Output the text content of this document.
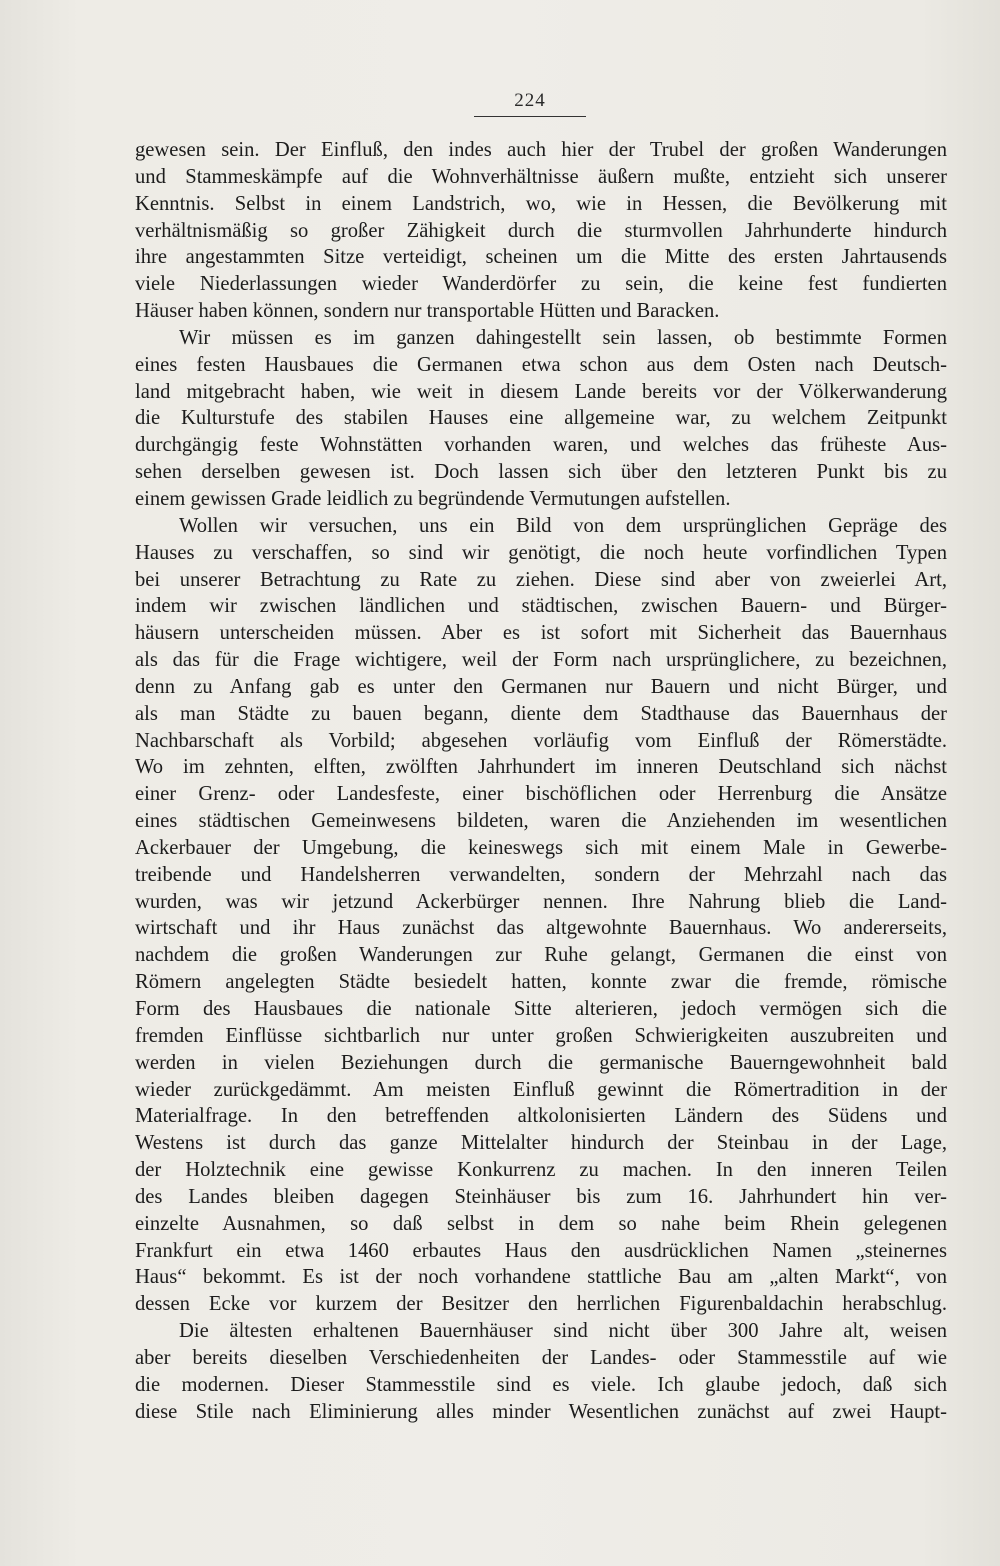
224
gewesen sein. Der Einfluß, den indes auch hier der Trubel der großen Wanderungen
und Stammeskämpfe auf die Wohnverhältnisse äußern mußte, entzieht sich unserer
Kenntnis. Selbst in einem Landstrich, wo, wie in Hessen, die Bevölkerung mit
verhältnismäßig so großer Zähigkeit durch die sturmvollen Jahrhunderte hindurch
ihre angestammten Sitze verteidigt, scheinen um die Mitte des ersten Jahrtausends
viele Niederlassungen wieder Wanderdörfer zu sein, die keine fest fundierten
Häuser haben können, sondern nur transportable Hütten und Baracken.
Wir müssen es im ganzen dahingestellt sein lassen, ob bestimmte Formen
eines festen Hausbaues die Germanen etwa schon aus dem Osten nach Deutsch-
land mitgebracht haben, wie weit in diesem Lande bereits vor der Völkerwanderung
die Kulturstufe des stabilen Hauses eine allgemeine war, zu welchem Zeitpunkt
durchgängig feste Wohnstätten vorhanden waren, und welches das früheste Aus-
sehen derselben gewesen ist. Doch lassen sich über den letzteren Punkt bis zu
einem gewissen Grade leidlich zu begründende Vermutungen aufstellen.
Wollen wir versuchen, uns ein Bild von dem ursprünglichen Gepräge des
Hauses zu verschaffen, so sind wir genötigt, die noch heute vorfindlichen Typen
bei unserer Betrachtung zu Rate zu ziehen. Diese sind aber von zweierlei Art,
indem wir zwischen ländlichen und städtischen, zwischen Bauern- und Bürger-
häusern unterscheiden müssen. Aber es ist sofort mit Sicherheit das Bauernhaus
als das für die Frage wichtigere, weil der Form nach ursprünglichere, zu bezeichnen,
denn zu Anfang gab es unter den Germanen nur Bauern und nicht Bürger, und
als man Städte zu bauen begann, diente dem Stadthause das Bauernhaus der
Nachbarschaft als Vorbild; abgesehen vorläufig vom Einfluß der Römerstädte.
Wo im zehnten, elften, zwölften Jahrhundert im inneren Deutschland sich nächst
einer Grenz- oder Landesfeste, einer bischöflichen oder Herrenburg die Ansätze
eines städtischen Gemeinwesens bildeten, waren die Anziehenden im wesentlichen
Ackerbauer der Umgebung, die keineswegs sich mit einem Male in Gewerbe-
treibende und Handelsherren verwandelten, sondern der Mehrzahl nach das
wurden, was wir jetzund Ackerbürger nennen. Ihre Nahrung blieb die Land-
wirtschaft und ihr Haus zunächst das altgewohnte Bauernhaus. Wo andererseits,
nachdem die großen Wanderungen zur Ruhe gelangt, Germanen die einst von
Römern angelegten Städte besiedelt hatten, konnte zwar die fremde, römische
Form des Hausbaues die nationale Sitte alterieren, jedoch vermögen sich die
fremden Einflüsse sichtbarlich nur unter großen Schwierigkeiten auszubreiten und
werden in vielen Beziehungen durch die germanische Bauerngewohnheit bald
wieder zurückgedämmt. Am meisten Einfluß gewinnt die Römertradition in der
Materialfrage. In den betreffenden altkolonisierten Ländern des Südens und
Westens ist durch das ganze Mittelalter hindurch der Steinbau in der Lage,
der Holztechnik eine gewisse Konkurrenz zu machen. In den inneren Teilen
des Landes bleiben dagegen Steinhäuser bis zum 16. Jahrhundert hin ver-
einzelte Ausnahmen, so daß selbst in dem so nahe beim Rhein gelegenen
Frankfurt ein etwa 1460 erbautes Haus den ausdrücklichen Namen „steinernes
Haus“ bekommt. Es ist der noch vorhandene stattliche Bau am „alten Markt“, von
dessen Ecke vor kurzem der Besitzer den herrlichen Figurenbaldachin herabschlug.
Die ältesten erhaltenen Bauernhäuser sind nicht über 300 Jahre alt, weisen
aber bereits dieselben Verschiedenheiten der Landes- oder Stammesstile auf wie
die modernen. Dieser Stammesstile sind es viele. Ich glaube jedoch, daß sich
diese Stile nach Eliminierung alles minder Wesentlichen zunächst auf zwei Haupt-
